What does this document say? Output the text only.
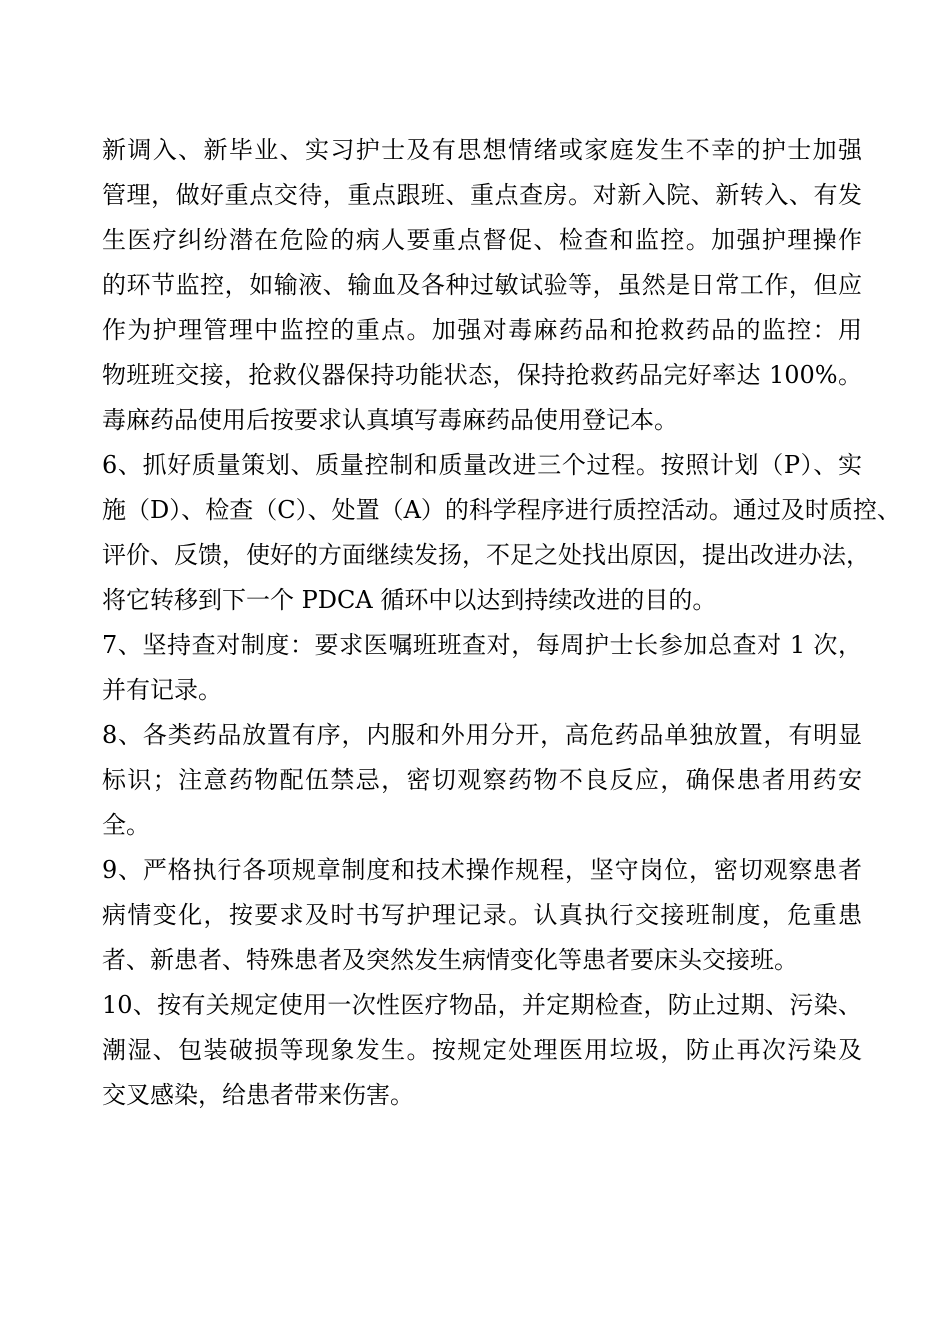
新调入、新毕业、实习护士及有思想情绪或家庭发生不幸的护士加强
管理，做好重点交待，重点跟班、重点查房。对新入院、新转入、有发
生医疗纠纷潜在危险的病人要重点督促、检查和监控。加强护理操作
的环节监控，如输液、输血及各种过敏试验等，虽然是日常工作，但应
作为护理管理中监控的重点。加强对毒麻药品和抢救药品的监控：用
物班班交接，抢救仪器保持功能状态，保持抢救药品完好率达 100%。
毒麻药品使用后按要求认真填写毒麻药品使用登记本。
6、抓好质量策划、质量控制和质量改进三个过程。按照计划（P）、实
施（D）、检查（C）、处置（A）的科学程序进行质控活动。通过及时质控、
评价、反馈，使好的方面继续发扬，不足之处找出原因，提出改进办法，
将它转移到下一个 PDCA 循环中以达到持续改进的目的。
7、坚持查对制度：要求医嘱班班查对，每周护士长参加总查对 1 次，
并有记录。
8、各类药品放置有序，内服和外用分开，高危药品单独放置，有明显
标识；注意药物配伍禁忌，密切观察药物不良反应，确保患者用药安
全。
9、严格执行各项规章制度和技术操作规程，坚守岗位，密切观察患者
病情变化，按要求及时书写护理记录。认真执行交接班制度，危重患
者、新患者、特殊患者及突然发生病情变化等患者要床头交接班。
10、按有关规定使用一次性医疗物品，并定期检查，防止过期、污染、
潮湿、包装破损等现象发生。按规定处理医用垃圾，防止再次污染及
交叉感染，给患者带来伤害。
